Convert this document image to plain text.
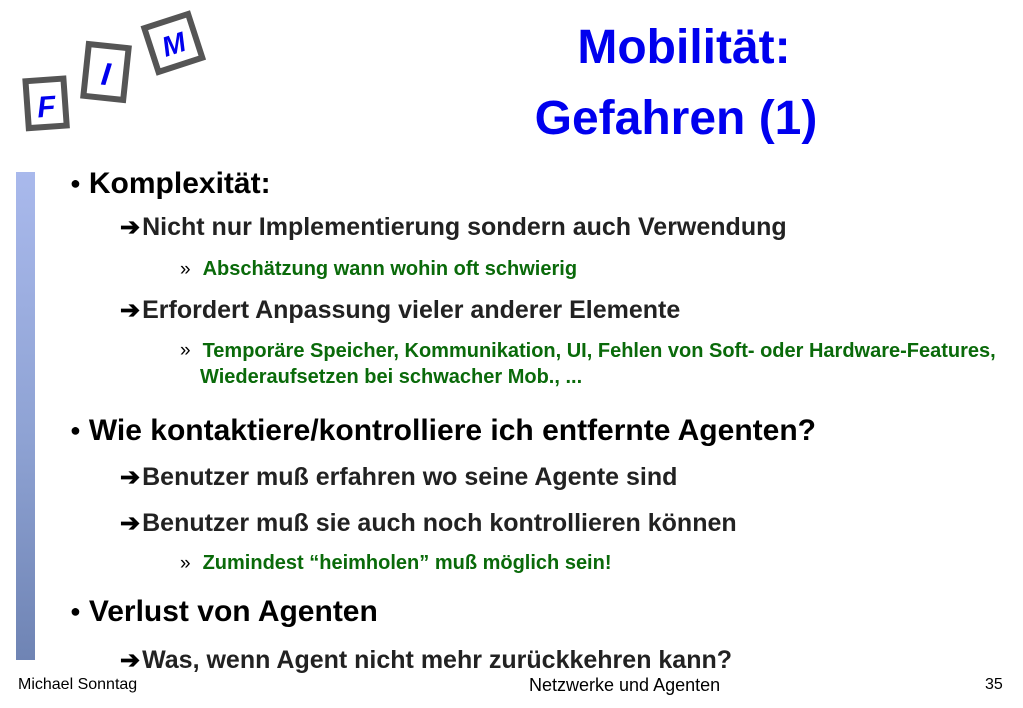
F
I
M	Mobilität:
Gefahren (1)
● Komplexität:
➔Nicht nur Implementierung sondern auch Verwendung
» Abschätzung wann wohin oft schwierig
➔Erfordert Anpassung vieler anderer Elemente
» Temporäre Speicher, Kommunikation, UI, Fehlen von Soft- oder Hardware-Features, Wiederaufsetzen bei schwacher Mob., ...
● Wie kontaktiere/kontrolliere ich entfernte Agenten?
➔Benutzer muß erfahren wo seine Agente sind
➔Benutzer muß sie auch noch kontrollieren können
» Zumindest “heimholen” muß möglich sein!
● Verlust von Agenten
➔Was, wenn Agent nicht mehr zurückkehren kann?
Michael Sonntag	Netzwerke und Agenten	35
